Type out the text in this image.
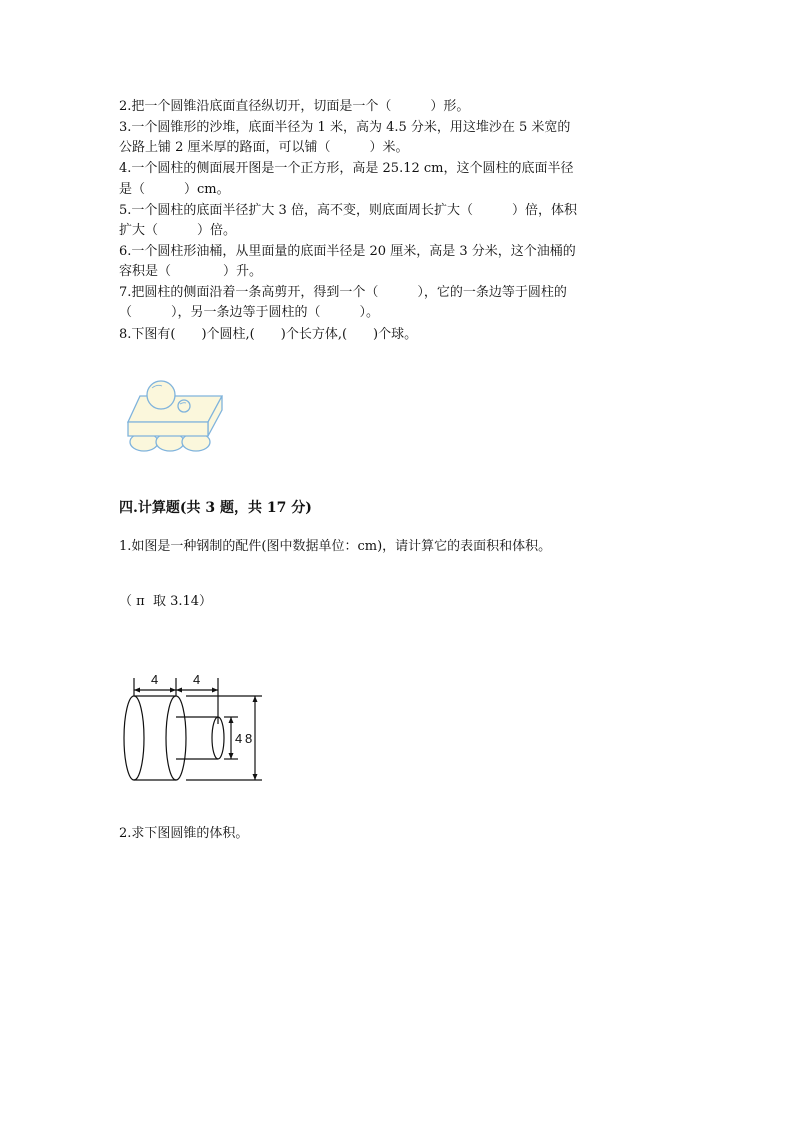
2.把一个圆锥沿底面直径纵切开，切面是一个（　　　）形。
3.一个圆锥形的沙堆，底面半径为 1 米，高为 4.5 分米，用这堆沙在 5 米宽的
公路上铺 2 厘米厚的路面，可以铺（　　　）米。
4.一个圆柱的侧面展开图是一个正方形，高是 25.12 cm，这个圆柱的底面半径
是（　　　）cm。
5.一个圆柱的底面半径扩大 3 倍，高不变，则底面周长扩大（　　　）倍，体积
扩大（　　　）倍。
6.一个圆柱形油桶，从里面量的底面半径是 20 厘米，高是 3 分米，这个油桶的
容积是（　　　　）升。
7.把圆柱的侧面沿着一条高剪开，得到一个（　　　），它的一条边等于圆柱的
（　　　），另一条边等于圆柱的（　　　）。
8.下图有(　　)个圆柱,(　　)个长方体,(　　)个球。
四.计算题(共 3 题，共 17 分)
1.如图是一种钢制的配件(图中数据单位：cm)，请计算它的表面积和体积。
（ π  取 3.14）
4	4
4 8
2.求下图圆锥的体积。
